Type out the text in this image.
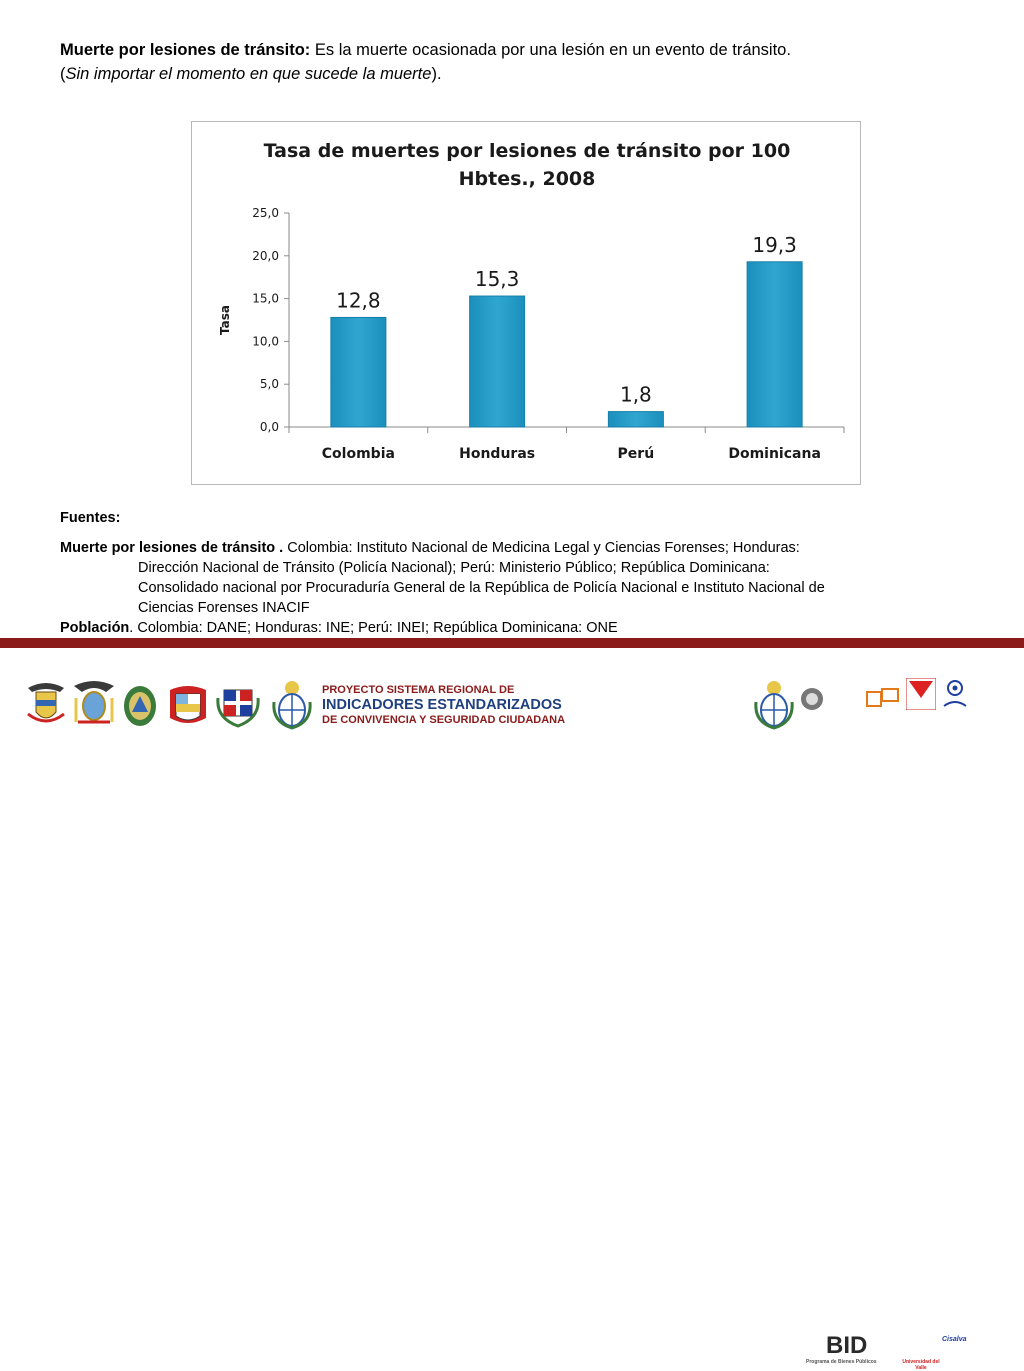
Muerte por lesiones de tránsito: Es la muerte ocasionada por una lesión en un evento de tránsito.
(Sin importar el momento en que sucede la muerte).
Tasa de muertes por lesiones de tránsito por 100
Hbtes., 2008
Tasa
0,0
5,0
10,0
15,0
20,0
25,0
12,8
Colombia
15,3
Honduras
1,8
Perú
19,3
Dominicana
Fuentes:
Muerte por lesiones de tránsito . Colombia: Instituto Nacional de Medicina Legal y Ciencias Forenses; Honduras:
Dirección Nacional de Tránsito (Policía Nacional); Perú: Ministerio Público; República Dominicana:
Consolidado nacional por Procuraduría General de la República de Policía Nacional e Instituto Nacional de
Ciencias Forenses INACIF
Población. Colombia: DANE; Honduras: INE; Perú: INEI; República Dominicana: ONE
BID
Programa de Bienes Públicos	Universidad del Valle
Cisalva
PROYECTO SISTEMA REGIONAL DE
INDICADORES ESTANDARIZADOS
DE CONVIVENCIA Y SEGURIDAD CIUDADANA
